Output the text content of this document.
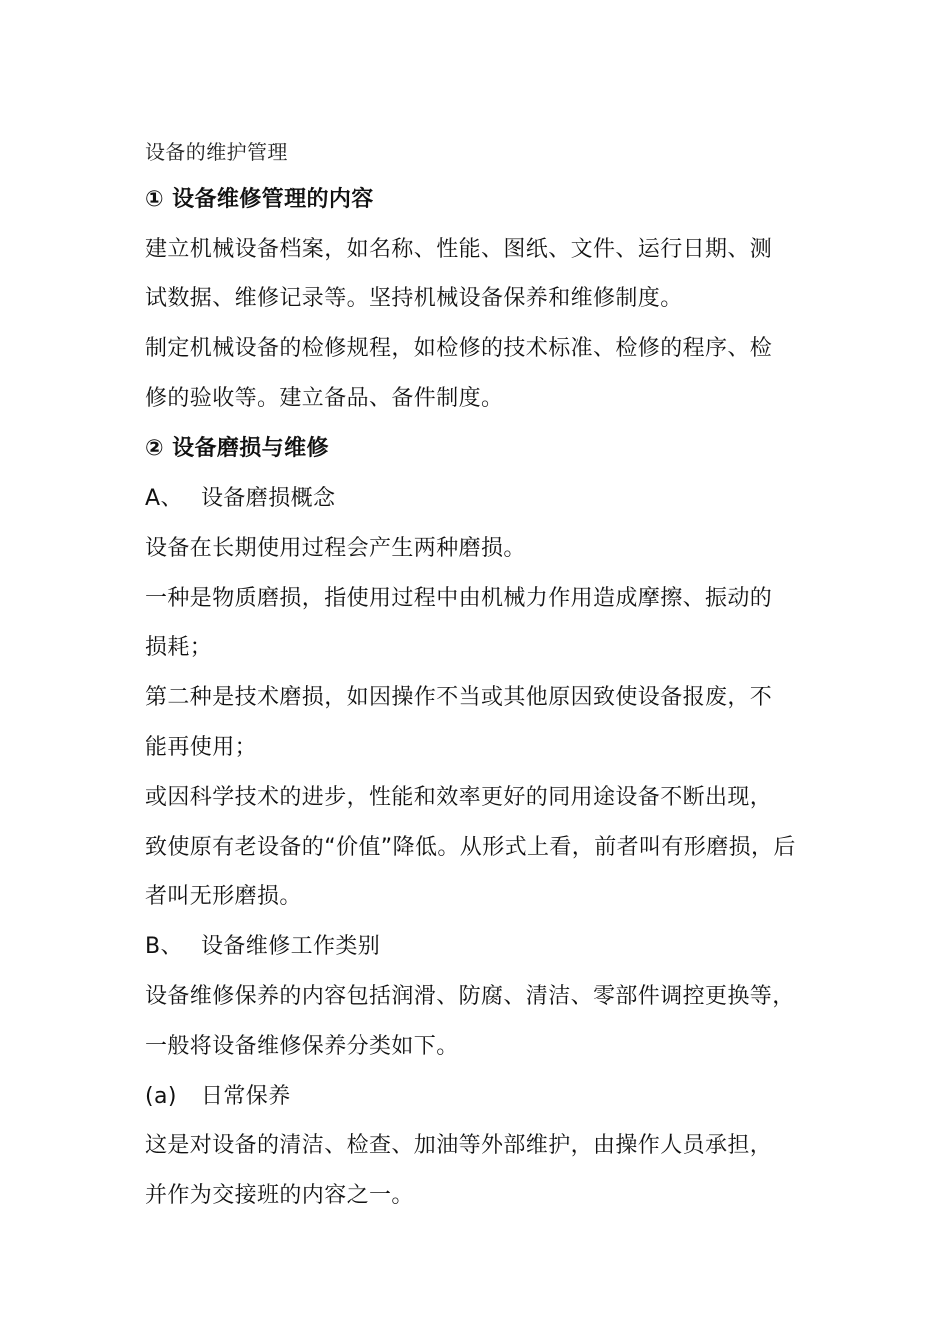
设备的维护管理
① 设备维修管理的内容
建立机械设备档案，如名称、性能、图纸、文件、运行日期、测
试数据、维修记录等。坚持机械设备保养和维修制度。
制定机械设备的检修规程，如检修的技术标准、检修的程序、检
修的验收等。建立备品、备件制度。
② 设备磨损与维修
A、 设备磨损概念
设备在长期使用过程会产生两种磨损。
一种是物质磨损，指使用过程中由机械力作用造成摩擦、振动的
损耗；
第二种是技术磨损，如因操作不当或其他原因致使设备报废，不
能再使用；
或因科学技术的进步，性能和效率更好的同用途设备不断出现，
致使原有老设备的“价值”降低。从形式上看，前者叫有形磨损，后
者叫无形磨损。
B、 设备维修工作类别
设备维修保养的内容包括润滑、防腐、清洁、零部件调控更换等，
一般将设备维修保养分类如下。
(a) 日常保养
这是对设备的清洁、检查、加油等外部维护，由操作人员承担，
并作为交接班的内容之一。
